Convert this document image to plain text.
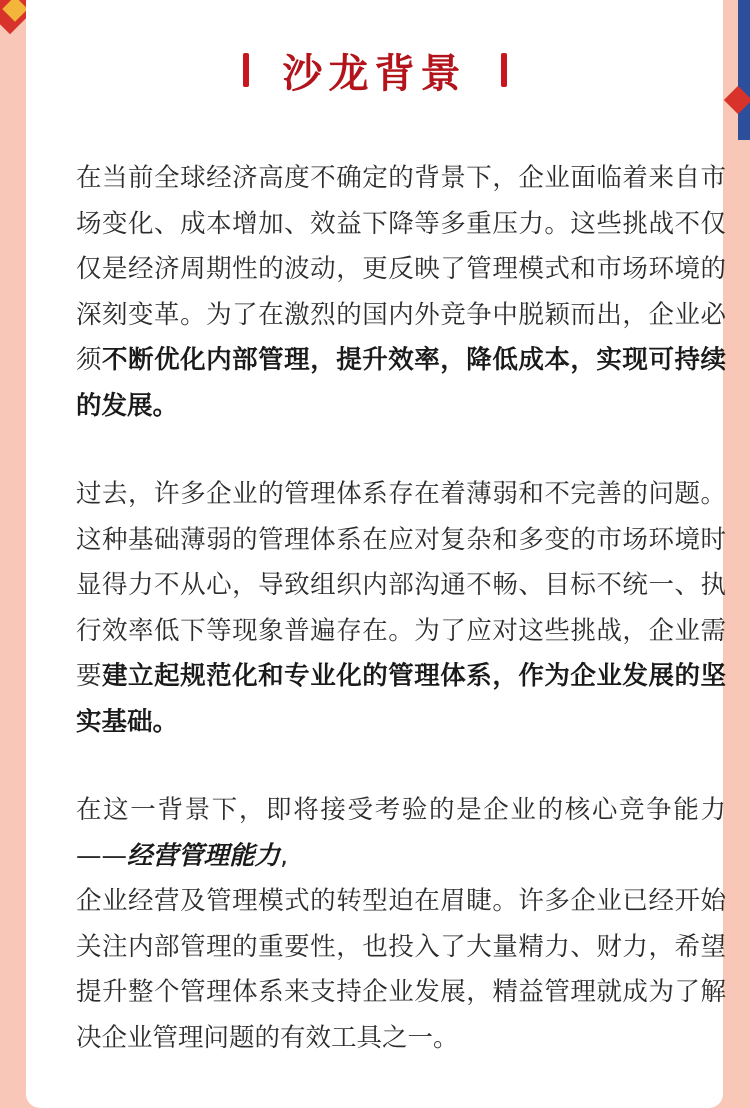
沙龙背景
在当前全球经济高度不确定的背景下，企业面临着来自市场变化、成本增加、效益下降等多重压力。这些挑战不仅仅是经济周期性的波动，更反映了管理模式和市场环境的深刻变革。为了在激烈的国内外竞争中脱颖而出，企业必须不断优化内部管理，提升效率，降低成本，实现可持续的发展。
过去，许多企业的管理体系存在着薄弱和不完善的问题。这种基础薄弱的管理体系在应对复杂和多变的市场环境时显得力不从心，导致组织内部沟通不畅、目标不统一、执行效率低下等现象普遍存在。为了应对这些挑战，企业需要建立起规范化和专业化的管理体系，作为企业发展的坚实基础。

在这一背景下，即将接受考验的是企业的核心竞争能力——经营管理能力,

企业经营及管理模式的转型迫在眉睫。许多企业已经开始关注内部管理的重要性，也投入了大量精力、财力，希望提升整个管理体系来支持企业发展，精益管理就成为了解决企业管理问题的有效工具之一。
